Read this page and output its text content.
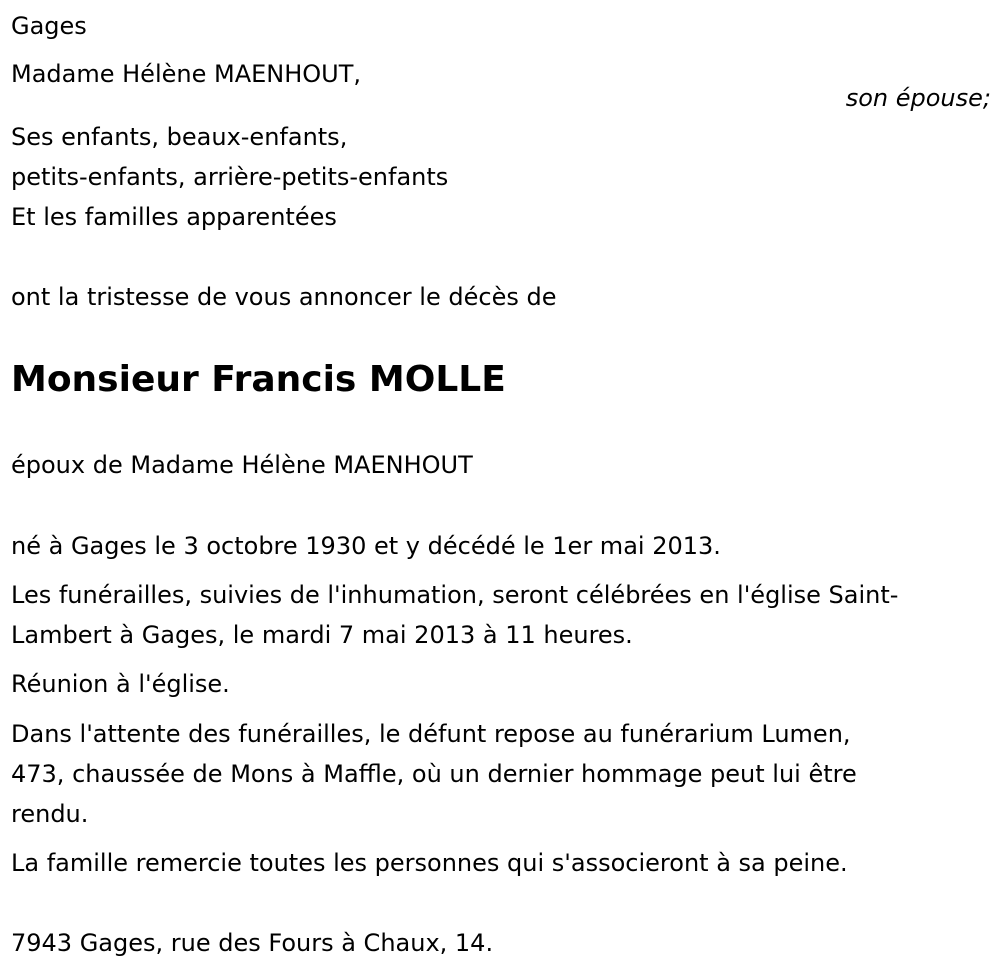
Gages
Madame Hélène MAENHOUT,
son épouse;
Ses enfants, beaux-enfants,
petits-enfants, arrière-petits-enfants
Et les familles apparentées
ont la tristesse de vous annoncer le décès de
Monsieur Francis MOLLE
époux de Madame Hélène MAENHOUT
né à Gages le 3 octobre 1930 et y décédé le 1er mai 2013.
Les funérailles, suivies de l'inhumation, seront célébrées en l'église Saint-
Lambert à Gages, le mardi 7 mai 2013 à 11 heures.
Réunion à l'église.
Dans l'attente des funérailles, le défunt repose au funérarium Lumen,
473, chaussée de Mons à Maffle, où un dernier hommage peut lui être
rendu.
La famille remercie toutes les personnes qui s'associeront à sa peine.
7943 Gages, rue des Fours à Chaux, 14.
